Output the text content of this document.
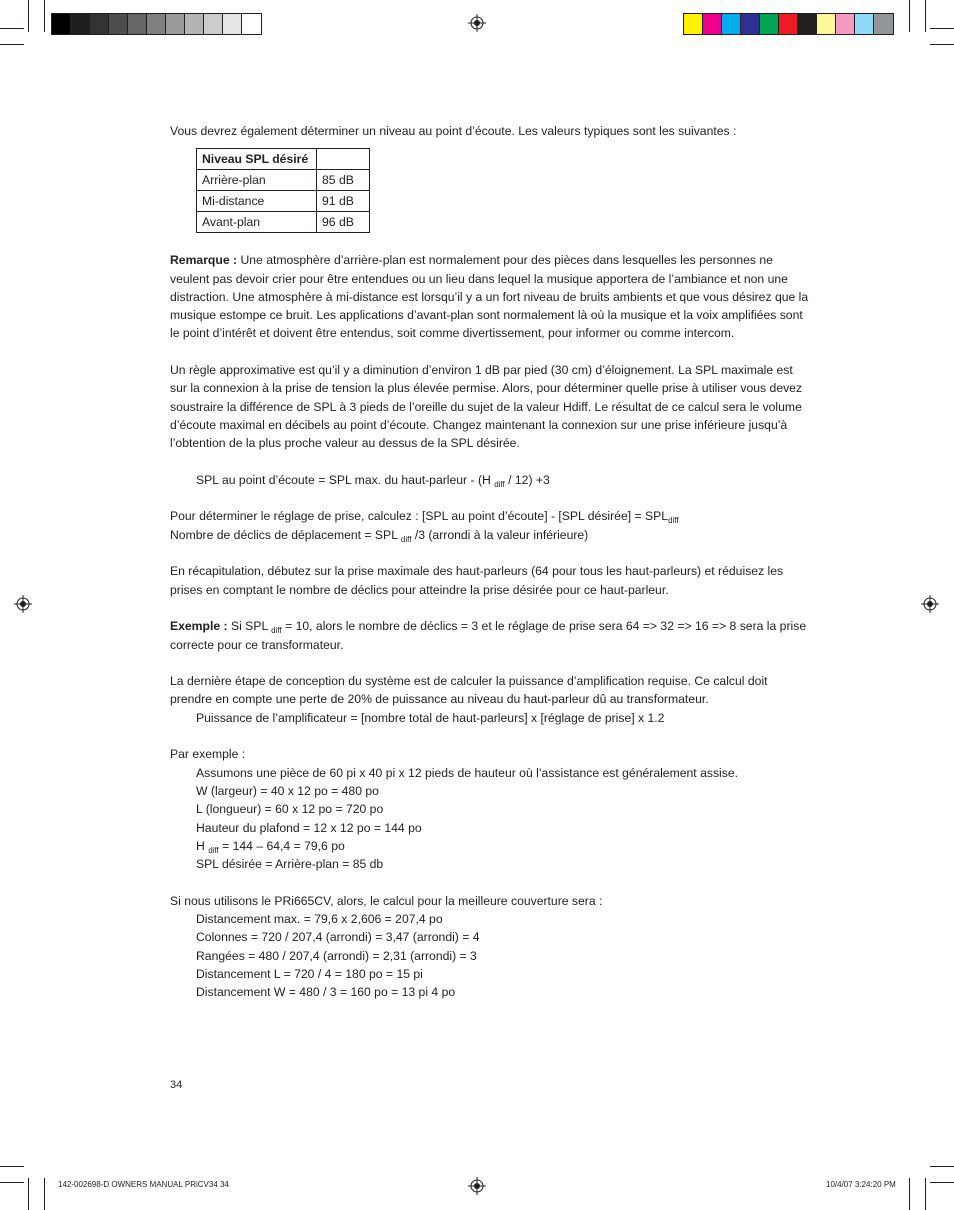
Vous devrez également déterminer un niveau au point d’écoute. Les valeurs typiques sont les suivantes :

Niveau SPL désiré	
Arrière-plan	85 dB
Mi-distance	91 dB
Avant-plan	96 dB

Remarque : Une atmosphère d’arrière-plan est normalement pour des pièces dans lesquelles les personnes ne veulent pas devoir crier pour être entendues ou un lieu dans lequel la musique apportera de l’ambiance et non une distraction. Une atmosphère à mi-distance est lorsqu’il y a un fort niveau de bruits ambients et que vous désirez que la musique estompe ce bruit. Les applications d’avant-plan sont normalement là où la musique et la voix amplifiées sont le point d’intérêt et doivent être entendus, soit comme divertissement, pour informer ou comme intercom.

Un règle approximative est qu’il y a diminution d’environ 1 dB par pied (30 cm) d’éloignement. La SPL maximale est sur la connexion à la prise de tension la plus élevée permise. Alors, pour déterminer quelle prise à utiliser vous devez soustraire la différence de SPL à 3 pieds de l’oreille du sujet de la valeur Hdiff. Le résultat de ce calcul sera le volume d’écoute maximal en décibels au point d’écoute. Changez maintenant la connexion sur une prise inférieure jusqu’à l’obtention de la plus proche valeur au dessus de la SPL désirée.

SPL au point d’écoute = SPL max. du haut-parleur - (H $_{diff}$ / 12) +3

Pour déterminer le réglage de prise, calculez : [SPL au point d’écoute] - [SPL désirée] = $SPL_{diff}$

Nombre de déclics de déplacement = SPL $_{diff}$ /3 (arrondi à la valeur inférieure)

En récapitulation, débutez sur la prise maximale des haut-parleurs (64 pour tous les haut-parleurs) et réduisez les prises en comptant le nombre de déclics pour atteindre la prise désirée pour ce haut-parleur.

Exemple : Si SPL $_{diff}$ = 10, alors le nombre de déclics = 3 et le réglage de prise sera 64 => 32 => 16 => 8 sera la prise correcte pour ce transformateur.

La dernière étape de conception du système est de calculer la puissance d’amplification requise. Ce calcul doit prendre en compte une perte de 20% de puissance au niveau du haut-parleur dû au transformateur.

Puissance de l’amplificateur = [nombre total de haut-parleurs] x [réglage de prise] x 1.2

Par exemple :

Assumons une pièce de 60 pi x 40 pi x 12 pieds de hauteur où l’assistance est généralement assise.

W (largeur) = 40 x 12 po = 480 po

L (longueur) = 60 x 12 po = 720 po

Hauteur du plafond = 12 x 12 po = 144 po

H $_{diff}$ = 144 – 64,4 = 79,6 po

SPL désirée = Arrière-plan = 85 db

Si nous utilisons le PRi665CV, alors, le calcul pour la meilleure couverture sera :

Distancement max. = 79,6 x 2,606 = 207,4 po

Colonnes = 720 / 207,4 (arrondi) = 3,47 (arrondi) = 4

Rangées = 480 / 207,4 (arrondi) = 2,31 (arrondi) = 3

Distancement L = 720 / 4 = 180 po = 15 pi

Distancement W = 480 / 3 = 160 po = 13 pi 4 po

34
142-002698-D OWNERS MANUAL PRiCV34 34	10/4/07 3:24:20 PM
